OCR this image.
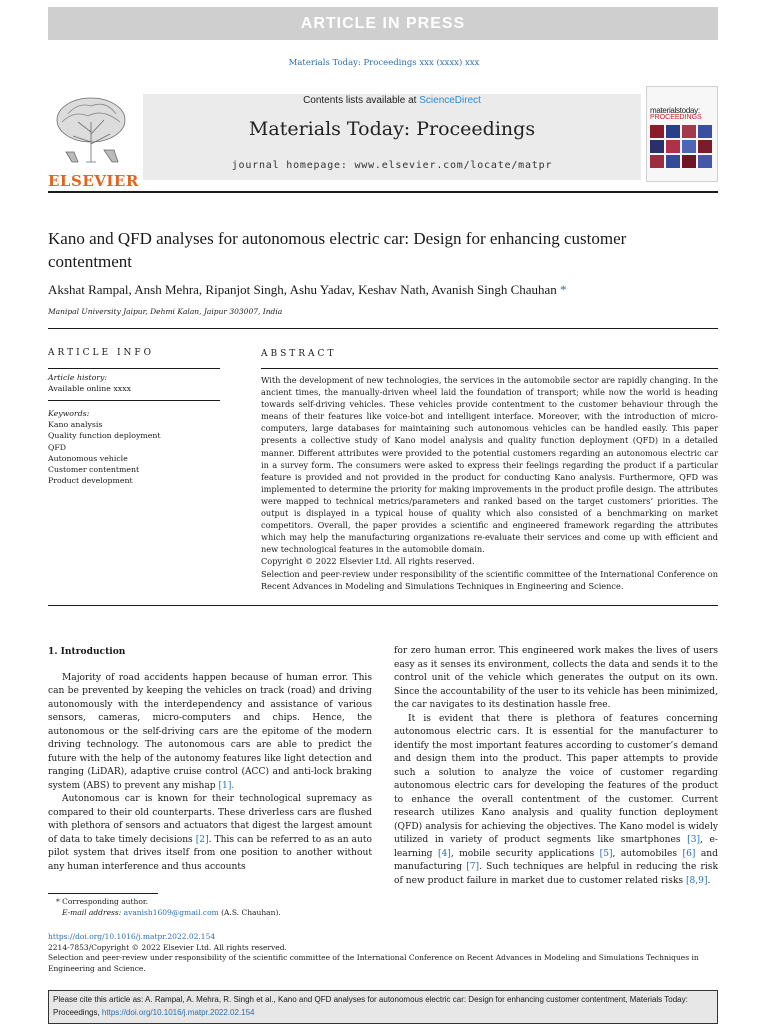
ARTICLE IN PRESS
Materials Today: Proceedings xxx (xxxx) xxx
ELSEVIER
Contents lists available at ScienceDirect
Materials Today: Proceedings
journal homepage: www.elsevier.com/locate/matpr
materialstoday:
PROCEEDINGS
Kano and QFD analyses for autonomous electric car: Design for enhancing customer contentment
Akshat Rampal, Ansh Mehra, Ripanjot Singh, Ashu Yadav, Keshav Nath, Avanish Singh Chauhan *
Manipal University Jaipur, Dehmi Kalan, Jaipur 303007, India
ARTICLE INFO	ABSTRACT
Article history:
Available online xxxx
Keywords:
Kano analysis
Quality function deployment
QFD
Autonomous vehicle
Customer contentment
Product development

With the development of new technologies, the services in the automobile sector are rapidly changing. In the ancient times, the manually-driven wheel laid the foundation of transport; while now the world is heading towards self-driving vehicles. These vehicles provide contentment to the customer behaviour through the means of their features like voice-bot and intelligent interface. Moreover, with the introduction of micro-computers, large databases for maintaining such autonomous vehicles can be handled easily. This paper presents a collective study of Kano model analysis and quality function deployment (QFD) in a detailed manner. Different attributes were provided to the potential customers regarding an autonomous electric car in a survey form. The consumers were asked to express their feelings regarding the product if a particular feature is provided and not provided in the product for conducting Kano analysis. Furthermore, QFD was implemented to determine the priority for making improvements in the product profile design. The attributes were mapped to technical metrics/parameters and ranked based on the target customers’ priorities. The output is displayed in a typical house of quality which also consisted of a benchmarking on market competitors. Overall, the paper provides a scientific and engineered framework regarding the attributes which may help the manufacturing organizations re-evaluate their services and come up with efficient and new technological features in the automobile domain.

Copyright © 2022 Elsevier Ltd. All rights reserved.

Selection and peer-review under responsibility of the scientific committee of the International Conference on Recent Advances in Modeling and Simulations Techniques in Engineering and Science.

1. Introduction

Majority of road accidents happen because of human error. This can be prevented by keeping the vehicles on track (road) and driving autonomously with the interdependency and assistance of various sensors, cameras, micro-computers and chips. Hence, the autonomous or the self-driving cars are the epitome of the modern driving technology. The autonomous cars are able to predict the future with the help of the autonomy features like light detection and ranging (LiDAR), adaptive cruise control (ACC) and anti-lock braking system (ABS) to prevent any mishap [1].

Autonomous car is known for their technological supremacy as compared to their old counterparts. These driverless cars are flushed with plethora of sensors and actuators that digest the largest amount of data to take timely decisions [2]. This can be referred to as an auto pilot system that drives itself from one position to another without any human interference and thus accounts

for zero human error. This engineered work makes the lives of users easy as it senses its environment, collects the data and sends it to the control unit of the vehicle which generates the output on its own. Since the accountability of the user to its vehicle has been minimized, the car navigates to its destination hassle free.

It is evident that there is plethora of features concerning autonomous electric cars. It is essential for the manufacturer to identify the most important features according to customer’s demand and design them into the product. This paper attempts to provide such a solution to analyze the voice of customer regarding autonomous electric cars for developing the features of the product to enhance the overall contentment of the customer. Current research utilizes Kano analysis and quality function deployment (QFD) analysis for achieving the objectives. The Kano model is widely utilized in variety of product segments like smartphones [3], e-learning [4], mobile security applications [5], automobiles [6] and manufacturing [7]. Such techniques are helpful in reducing the risk of new product failure in market due to customer related risks [8,9].

* Corresponding author.
E-mail address: avanish1609@gmail.com (A.S. Chauhan).
https://doi.org/10.1016/j.matpr.2022.02.154
2214-7853/Copyright © 2022 Elsevier Ltd. All rights reserved.
Selection and peer-review under responsibility of the scientific committee of the International Conference on Recent Advances in Modeling and Simulations Techniques in Engineering and Science.
Please cite this article as: A. Rampal, A. Mehra, R. Singh et al., Kano and QFD analyses for autonomous electric car: Design for enhancing customer contentment, Materials Today: Proceedings, https://doi.org/10.1016/j.matpr.2022.02.154
